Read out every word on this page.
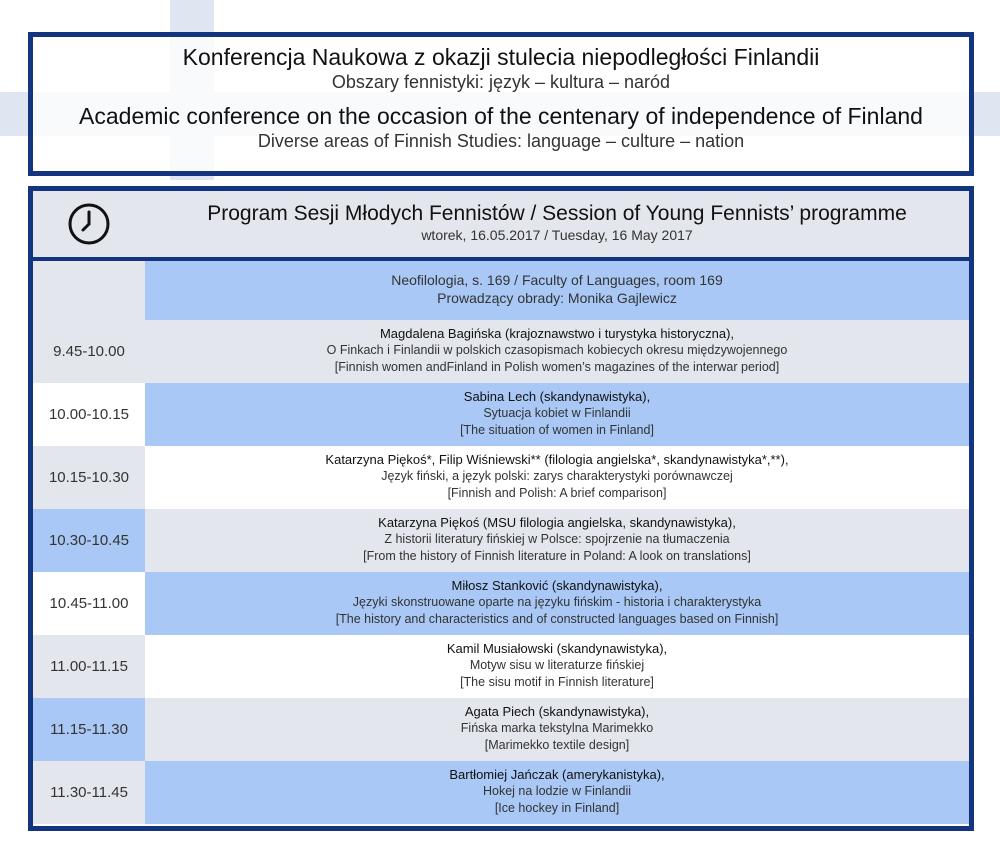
Konferencja Naukowa z okazji stulecia niepodległości Finlandii
Obszary fennistyki: język – kultura – naród
Academic conference on the occasion of the centenary of independence of Finland
Diverse areas of Finnish Studies: language – culture – nation
Program Sesji Młodych Fennistów / Session of Young Fennists’ programme
wtorek, 16.05.2017 / Tuesday, 16 May 2017
Neofilologia, s. 169 / Faculty of Languages, room 169
Prowadzący obrady: Monika Gajlewicz
9.45-10.00
Magdalena Bagińska (krajoznawstwo i turystyka historyczna),
O Finkach i Finlandii w polskich czasopismach kobiecych okresu międzywojennego
[Finnish women andFinland in Polish women’s magazines of the interwar period]
10.00-10.15
Sabina Lech (skandynawistyka),
Sytuacja kobiet w Finlandii
[The situation of women in Finland]
10.15-10.30
Katarzyna Piękoś*, Filip Wiśniewski** (filologia angielska*, skandynawistyka*,**),
Język fiński, a język polski: zarys charakterystyki porównawczej
[Finnish and Polish: A brief comparison]
10.30-10.45
Katarzyna Piękoś (MSU filologia angielska, skandynawistyka),
Z historii literatury fińskiej w Polsce: spojrzenie na tłumaczenia
[From the history of Finnish literature in Poland: A look on translations]
10.45-11.00
Miłosz Stanković (skandynawistyka),
Języki skonstruowane oparte na języku fińskim - historia i charakterystyka
[The history and characteristics and of constructed languages based on Finnish]
11.00-11.15
Kamil Musiałowski (skandynawistyka),
Motyw sisu w literaturze fińskiej
[The sisu motif in Finnish literature]
11.15-11.30
Agata Piech (skandynawistyka),
Fińska marka tekstylna Marimekko
[Marimekko textile design]
11.30-11.45
Bartłomiej Jańczak (amerykanistyka),
Hokej na lodzie w Finlandii
[Ice hockey in Finland]
